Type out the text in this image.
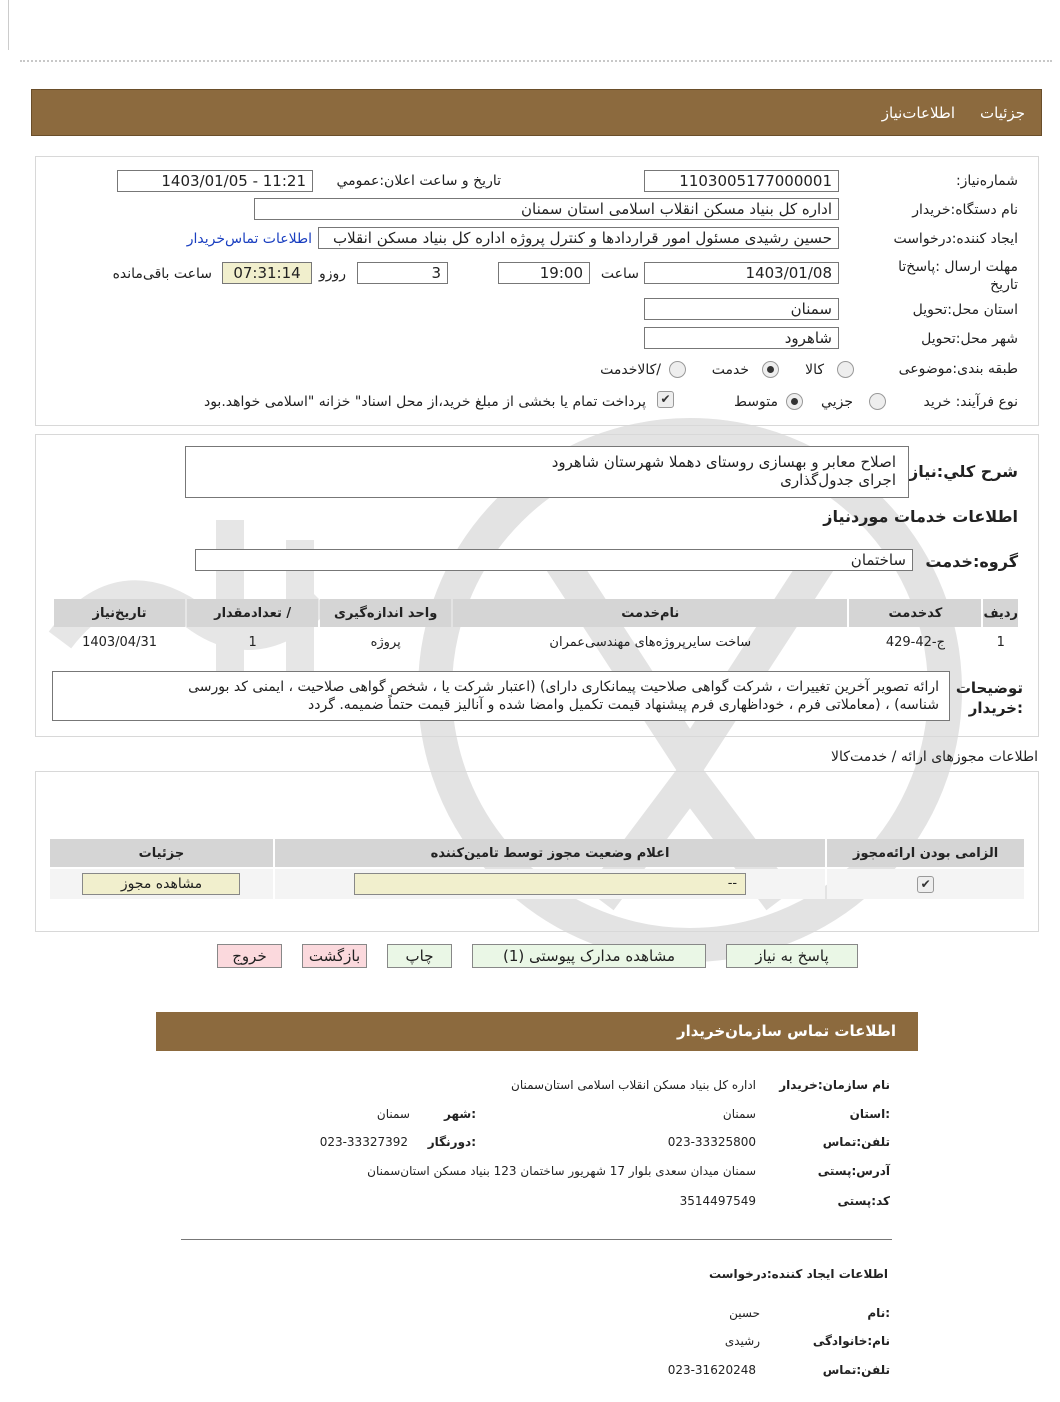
جزئیات
اطلاعات‌نیاز
شماره‌نیاز:
1103005177000001
تاریخ و ساعت اعلان:عمومي
1403/01/05 - 11:21
نام دستگاه:خریدار
اداره کل بنیاد مسکن انقلاب اسلامی استان سمنان
ایجاد کننده:درخواست
حسین رشیدی مسئول امور قراردادها و کنترل پروژه اداره کل بنیاد مسکن انقلاب
اطلاعات تماس‌خریدار
مهلت ارسال :پاسخ‌تا تاریخ
1403/01/08
ساعت
19:00
3
روزو
07:31:14
ساعت باقی‌مانده
استان محل:تحویل
سمنان
شهر محل:تحویل
شاهرود
طبقه بندی:موضوعی
کالا
خدمت
/کالاخدمت
نوع فرآیند: خرید
جزيي
متوسط
✔
پرداخت تمام یا بخشی از مبلغ خرید،از محل اسناد" خزانه "اسلامی خواهد.بود
شرح کلي:نیاز
اصلاح معابر و بهسازی روستای دهملا شهرستان شاهرود
اجرای جدول‌گذاری
اطلاعات خدمات موردنیاز
گروه:خدمت
ساختمان
ردیف	کدخدمت	نام‌خدمت	واحد اندازه‌گیری	/ تعدادمقدار	تاریخ‌نیاز
1	ج-42-429	ساخت سایرپروژه‌های مهندسی‌عمران	پروژه	1	1403/04/31
توضیحات
:خریدار
ارائه تصویر آخرین تغییرات ، شرکت گواهی صلاحیت پیمانکاری دارای) (اعتبار شرکت یا ، شخص گواهی صلاحیت ، ایمنی کد بورسی
شناسه) ، (معاملاتی فرم ، خوداظهاری فرم پیشنهاد قیمت تکمیل وامضا شده و آنالیز قیمت حتماً ضمیمه. گردد
اطلاعات مجوزهای ارائه / خدمت‌کالا
الزامی بودن ارائه‌مجوز	اعلام وضعیت مجوز توسط تامین‌کننده	جزئیات
✔	--	مشاهده مجوز
پاسخ به نیاز
مشاهده مدارک پیوستی (1)
چاپ
بازگشت
خروج
اطلاعات تماس سازمان‌خریدار
نام سازمان:خریدار
اداره کل بنیاد مسکن انقلاب اسلامی استان‌سمنان
:استان
سمنان
:شهر
سمنان
تلفن:تماس
023-33325800
:دورنگار
023-33327392
آدرس:پستی
سمنان میدان سعدی بلوار 17 شهریور ساختمان 123 بنیاد مسکن استان‌سمنان
کد:پستی
3514497549
اطلاعات ایجاد کننده:درخواست
:نام
حسین
نام:خانوادگی
رشیدی
تلفن:تماس
023-31620248
